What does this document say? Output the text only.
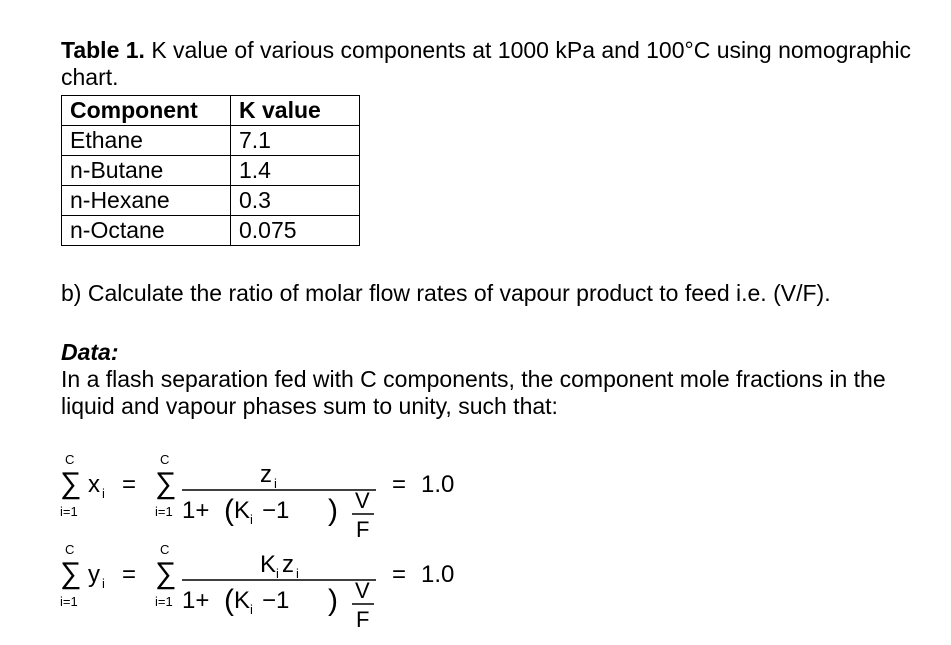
Table 1. K value of various components at 1000 kPa and 100°C using nomographic chart.
Component	K value
Ethane	7.1
n-Butane	1.4
n-Hexane	0.3
n-Octane	0.075
b) Calculate the ratio of molar flow rates of vapour product to feed i.e. (V/F).
Data:
In a flash separation fed with C components, the component mole fractions in the liquid and vapour phases sum to unity, such that:
C
∑
i=1
x i =
C
∑
i=1
z i
1+ ( K i −1 ) V
F
= 1.0
C
∑
i=1
y i =
C
∑
i=1
K i z i
1+ ( K i −1 ) V
F
= 1.0
